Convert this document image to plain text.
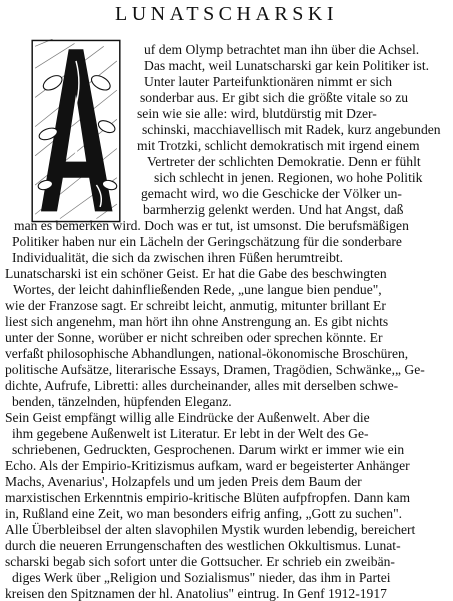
LUNATSCHARSKI

uf dem Olymp betrachtet man ihn über die Achsel.

Das macht, weil Lunatscharski gar kein Politiker ist.

Unter lauter Parteifunktionären nimmt er sich

sonderbar aus. Er gibt sich die größte vitale so zu

sein wie sie alle: wird, blutdürstig mit Dzer-

schinski, macchiavellisch mit Radek, kurz angebunden

mit Trotzki, schlicht demokratisch mit irgend einem

Vertreter der schlichten Demokratie. Denn er fühlt

sich schlecht in jenen. Regionen, wo hohe Politik

gemacht wird, wo die Geschicke der Völker un-

barmherzig gelenkt werden. Und hat Angst, daß

man es bemerken wird. Doch was er tut, ist umsonst. Die berufsmäßigen

Politiker haben nur ein Lächeln der Geringschätzung für die sonderbare

Individualität, die sich da zwischen ihren Füßen herumtreibt.

Lunatscharski ist ein schöner Geist. Er hat die Gabe des beschwingten

Wortes, der leicht dahinfließenden Rede, „une langue bien pendue",

wie der Franzose sagt. Er schreibt leicht, anmutig, mitunter brillant Er

liest sich angenehm, man hört ihn ohne Anstrengung an. Es gibt nichts

unter der Sonne, worüber er nicht schreiben oder sprechen könnte. Er

verfaßt philosophische Abhandlungen, national-ökonomische Broschüren,

politische Aufsätze, literarische Essays, Dramen, Tragödien, Schwänke,„ Ge-

dichte, Aufrufe, Libretti: alles durcheinander, alles mit derselben schwe-

benden, tänzelnden, hüpfenden Eleganz.

Sein Geist empfängt willig alle Eindrücke der Außenwelt. Aber die

ihm gegebene Außenwelt ist Literatur. Er lebt in der Welt des Ge-

schriebenen, Gedruckten, Gesprochenen. Darum wirkt er immer wie ein

Echo. Als der Empirio-Kritizismus aufkam, ward er begeisterter Anhänger

Machs, Avenarius', Holzapfels und um jeden Preis dem Baum der

marxistischen Erkenntnis empirio-kritische Blüten aufpfropfen. Dann kam

in, Rußland eine Zeit, wo man besonders eifrig anfing, „Gott zu suchen".

Alle Überbleibsel der alten slavophilen Mystik wurden lebendig, bereichert

durch die neueren Errungenschaften des westlichen Okkultismus. Lunat-

scharski begab sich sofort unter die Gottsucher. Er schrieb ein zweibän-

diges Werk über „Religion und Sozialismus" nieder, das ihm in Partei

kreisen den Spitznamen der hl. Anatolius" eintrug. In Genf 1912-1917
